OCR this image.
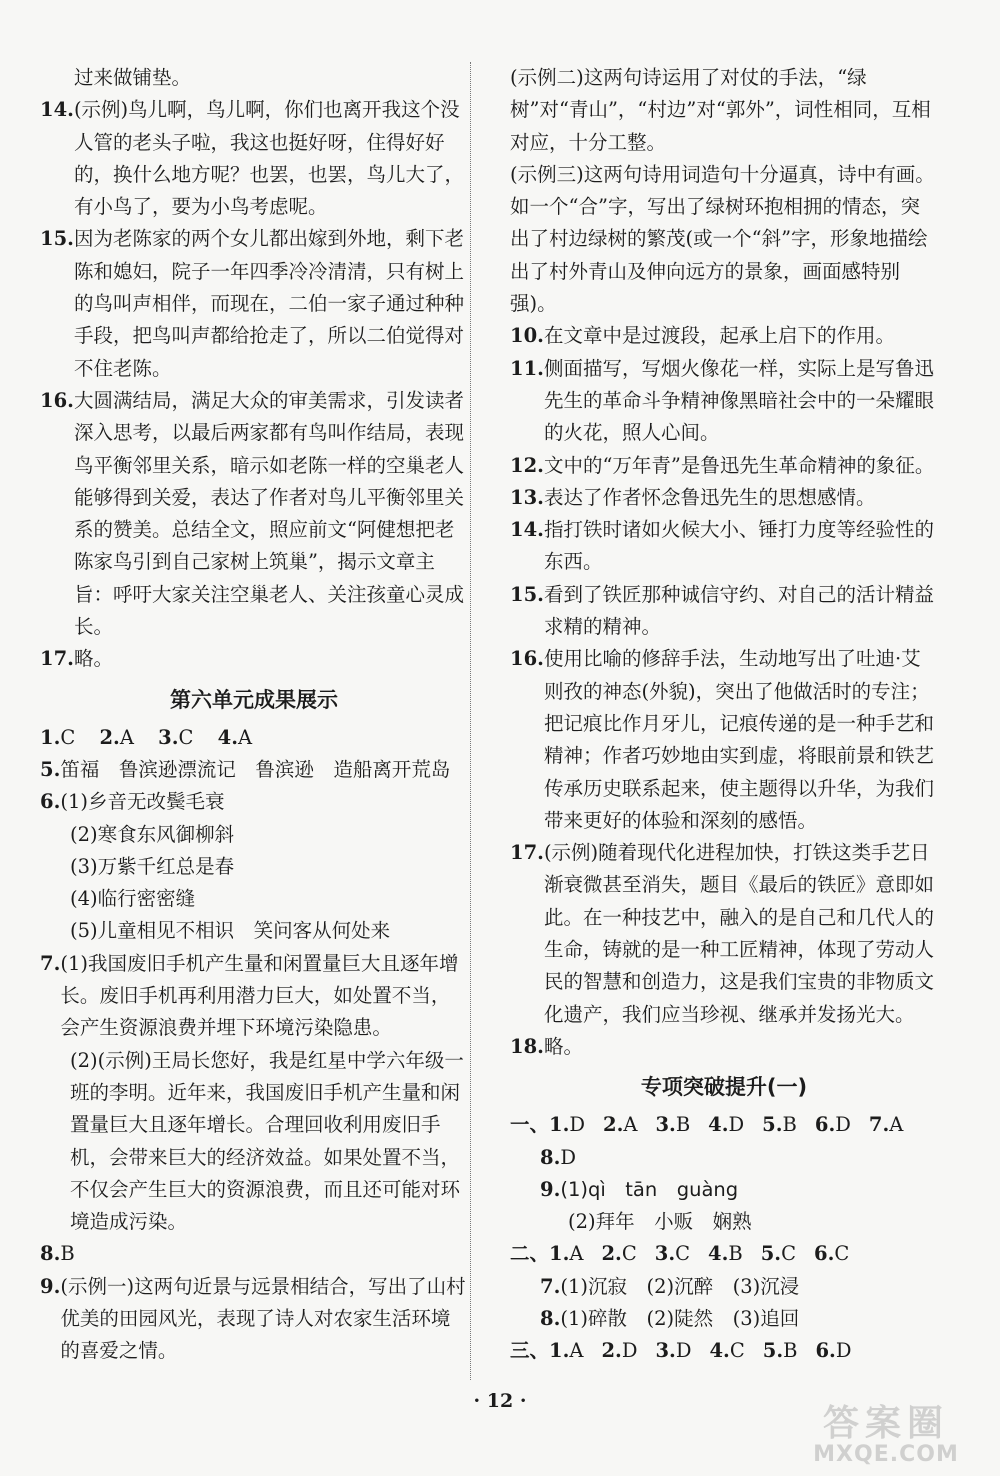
过来做铺垫。
14. (示例)鸟儿啊，鸟儿啊，你们也离开我这个没人管的老头子啦，我这也挺好呀，住得好好的，换什么地方呢？也罢，也罢，鸟儿大了，有小鸟了，要为小鸟考虑呢。
15. 因为老陈家的两个女儿都出嫁到外地，剩下老陈和媳妇，院子一年四季冷冷清清，只有树上的鸟叫声相伴，而现在，二伯一家子通过种种手段，把鸟叫声都给抢走了，所以二伯觉得对不住老陈。
16. 大圆满结局，满足大众的审美需求，引发读者深入思考，以最后两家都有鸟叫作结局，表现鸟平衡邻里关系，暗示如老陈一样的空巢老人能够得到关爱，表达了作者对鸟儿平衡邻里关系的赞美。总结全文，照应前文“阿健想把老陈家鸟引到自己家树上筑巢”，揭示文章主旨：呼吁大家关注空巢老人、关注孩童心灵成长。
17. 略。
第六单元成果展示
1.C 2.A 3.C 4.A
5. 笛福　鲁滨逊漂流记　鲁滨逊　造船离开荒岛
6. (1)乡音无改鬓毛衰
(2)寒食东风御柳斜
(3)万紫千红总是春
(4)临行密密缝
(5)儿童相见不相识　笑问客从何处来
7. (1)我国废旧手机产生量和闲置量巨大且逐年增长。废旧手机再利用潜力巨大，如处置不当，会产生资源浪费并埋下环境污染隐患。
(2)(示例)王局长您好，我是红星中学六年级一班的李明。近年来，我国废旧手机产生量和闲置量巨大且逐年增长。合理回收利用废旧手机，会带来巨大的经济效益。如果处置不当，不仅会产生巨大的资源浪费，而且还可能对环境造成污染。
8. B
9. (示例一)这两句近景与远景相结合，写出了山村优美的田园风光，表现了诗人对农家生活环境的喜爱之情。
(示例二)这两句诗运用了对仗的手法，“绿树”对“青山”，“村边”对“郭外”，词性相同，互相对应，十分工整。
(示例三)这两句诗用词造句十分逼真，诗中有画。如一个“合”字，写出了绿树环抱相拥的情态，突出了村边绿树的繁茂(或一个“斜”字，形象地描绘出了村外青山及伸向远方的景象，画面感特别强)。
10. 在文章中是过渡段，起承上启下的作用。
11. 侧面描写，写烟火像花一样，实际上是写鲁迅先生的革命斗争精神像黑暗社会中的一朵耀眼的火花，照人心间。
12. 文中的“万年青”是鲁迅先生革命精神的象征。
13. 表达了作者怀念鲁迅先生的思想感情。
14. 指打铁时诸如火候大小、锤打力度等经验性的东西。
15. 看到了铁匠那种诚信守约、对自己的活计精益求精的精神。
16. 使用比喻的修辞手法，生动地写出了吐迪·艾则孜的神态(外貌)，突出了他做活时的专注；把记痕比作月牙儿，记痕传递的是一种手艺和精神；作者巧妙地由实到虚，将眼前景和铁艺传承历史联系起来，使主题得以升华，为我们带来更好的体验和深刻的感悟。
17. (示例)随着现代化进程加快，打铁这类手艺日渐衰微甚至消失，题目《最后的铁匠》意即如此。在一种技艺中，融入的是自己和几代人的生命，铸就的是一种工匠精神，体现了劳动人民的智慧和创造力，这是我们宝贵的非物质文化遗产，我们应当珍视、继承并发扬光大。
18. 略。
专项突破提升(一)
一、1.D 2.A 3.B 4.D 5.B 6.D 7.A
8.D
9.(1)qì　tān　guàng
(2)拜年　小贩　娴熟
二、1.A 2.C 3.C 4.B 5.C 6.C
7.(1)沉寂　(2)沉醉　(3)沉浸
8.(1)碎散　(2)陡然　(3)追回
三、1.A 2.D 3.D 4.C 5.B 6.D
· 12 ·
答案圈
MXQE.COM
